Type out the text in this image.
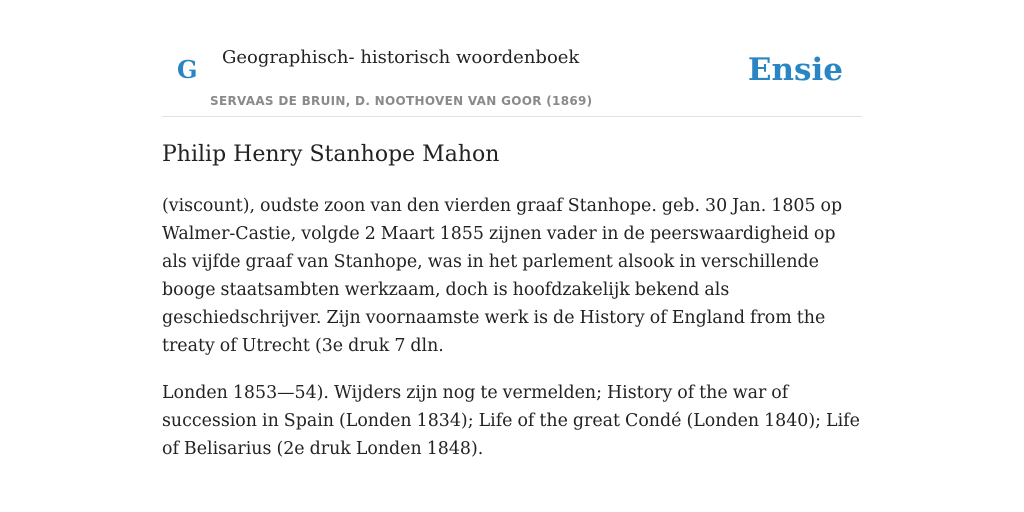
G Geographisch- historisch woordenboek
SERVAAS DE BRUIN, D. NOOTHOVEN VAN GOOR (1869)
Ensie
Philip Henry Stanhope Mahon

(viscount), oudste zoon van den vierden graaf Stanhope. geb. 30 Jan. 1805 op Walmer-Castie, volgde 2 Maart 1855 zijnen vader in de peerswaardigheid op als vijfde graaf van Stanhope, was in het parlement alsook in verschillende booge staatsambten werkzaam, doch is hoofdzakelijk bekend als geschiedschrijver. Zijn voornaamste werk is de History of England from the treaty of Utrecht (3e druk 7 dln.

Londen 1853—54). Wijders zijn nog te vermelden; History of the war of succession in Spain (Londen 1834); Life of the great Condé (Londen 1840); Life of Belisarius (2e druk Londen 1848).
